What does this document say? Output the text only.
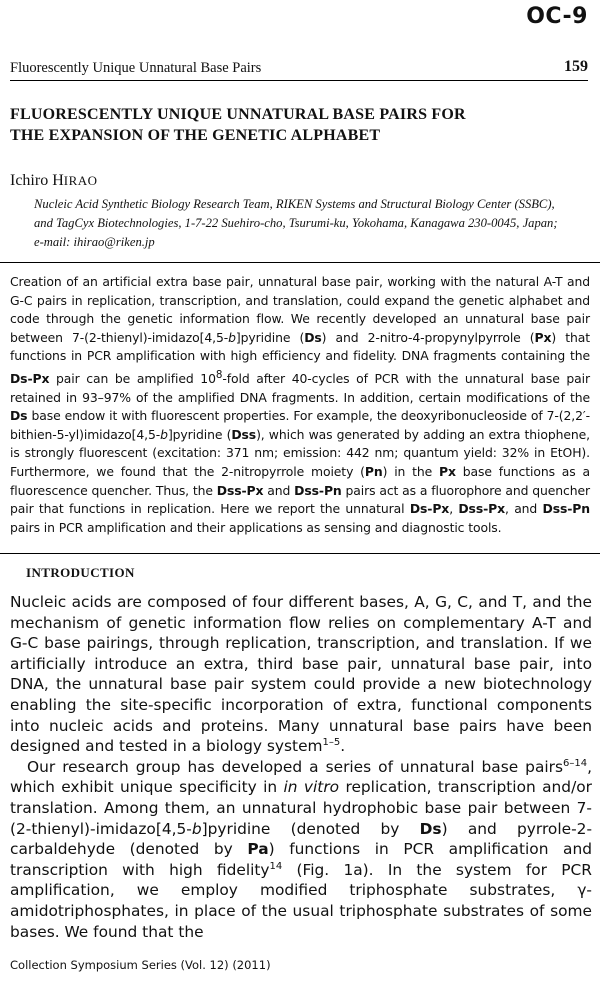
OC-9
Fluorescently Unique Unnatural Base Pairs	159
FLUORESCENTLY UNIQUE UNNATURAL BASE PAIRS FOR
THE EXPANSION OF THE GENETIC ALPHABET
Ichiro HIRAO
Nucleic Acid Synthetic Biology Research Team, RIKEN Systems and Structural Biology Center (SSBC),
and TagCyx Biotechnologies, 1-7-22 Suehiro-cho, Tsurumi-ku, Yokohama, Kanagawa 230-0045, Japan;
e-mail: ihirao@riken.jp

Creation of an artificial extra base pair, unnatural base pair, working with the natural A-T and G-C pairs in replication, transcription, and translation, could expand the genetic alphabet and code through the genetic information flow. We recently developed an unnatural base pair between 7-(2-thienyl)-imidazo[4,5-b]pyridine (Ds) and 2-nitro-4-propynylpyrrole (Px) that functions in PCR amplification with high efficiency and fidelity. DNA fragments containing the Ds-Px pair can be amplified $10^8$-fold after 40-cycles of PCR with the unnatural base pair retained in 93–97% of the amplified DNA fragments. In addition, certain modifications of the Ds base endow it with fluorescent properties. For example, the deoxyribonucleoside of 7-(2,2′-bithien-5-yl)imidazo[4,5-b]pyridine (Dss), which was generated by adding an extra thiophene, is strongly fluorescent (excitation: 371 nm; emission: 442 nm; quantum yield: 32% in EtOH). Furthermore, we found that the 2-nitropyrrole moiety (Pn) in the Px base functions as a fluorescence quencher. Thus, the Dss-Px and Dss-Pn pairs act as a fluorophore and quencher pair that functions in replication. Here we report the unnatural Ds-Px, Dss-Px, and Dss-Pn pairs in PCR amplification and their applications as sensing and diagnostic tools.

INTRODUCTION

Nucleic acids are composed of four different bases, A, G, C, and T, and the mechanism of genetic information flow relies on complementary A-T and G-C base pairings, through replication, transcription, and translation. If we artificially introduce an extra, third base pair, unnatural base pair, into DNA, the unnatural base pair system could provide a new biotechnology enabling the site-specific incorporation of extra, functional components into nucleic acids and proteins. Many unnatural base pairs have been designed and tested in a biology system$^{1-5}$.

Our research group has developed a series of unnatural base pairs$^{6-14}$, which exhibit unique specificity in in vitro replication, transcription and/or translation. Among them, an unnatural hydrophobic base pair between 7-(2-thienyl)-imidazo[4,5-b]pyridine (denoted by Ds) and pyrrole-2-carbaldehyde (denoted by Pa) functions in PCR amplification and transcription with high fidelity$^{14}$ (Fig. 1a). In the system for PCR amplification, we employ modified triphosphate substrates, γ-amidotriphosphates, in place of the usual triphosphate substrates of some bases. We found that the

Collection Symposium Series (Vol. 12) (2011)
